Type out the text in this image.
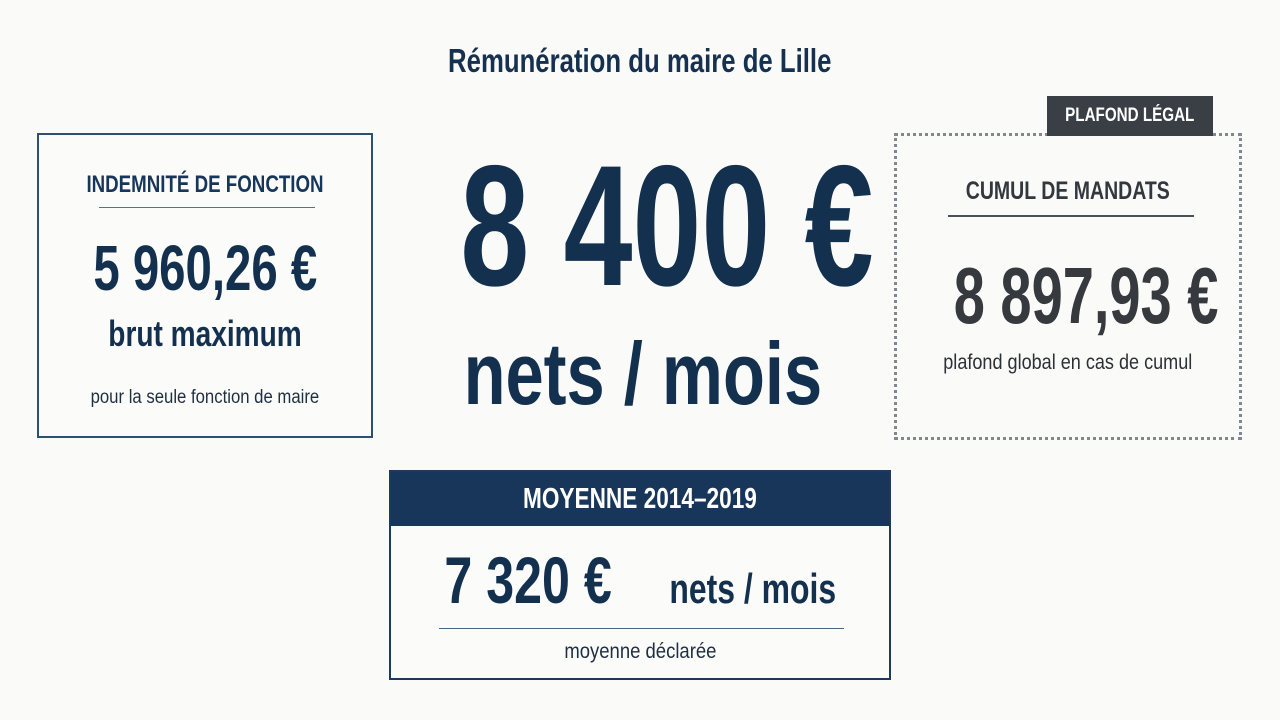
Rémunération du maire de Lille
INDEMNITÉ DE FONCTION
5 960,26 €
brut maximum
pour la seule fonction de maire
8 400 €
nets / mois
CUMUL DE MANDATS
8 897,93 €
plafond global en cas de cumul
PLAFOND LÉGAL
MOYENNE 2014–2019
7 320 € nets / mois
moyenne déclarée
